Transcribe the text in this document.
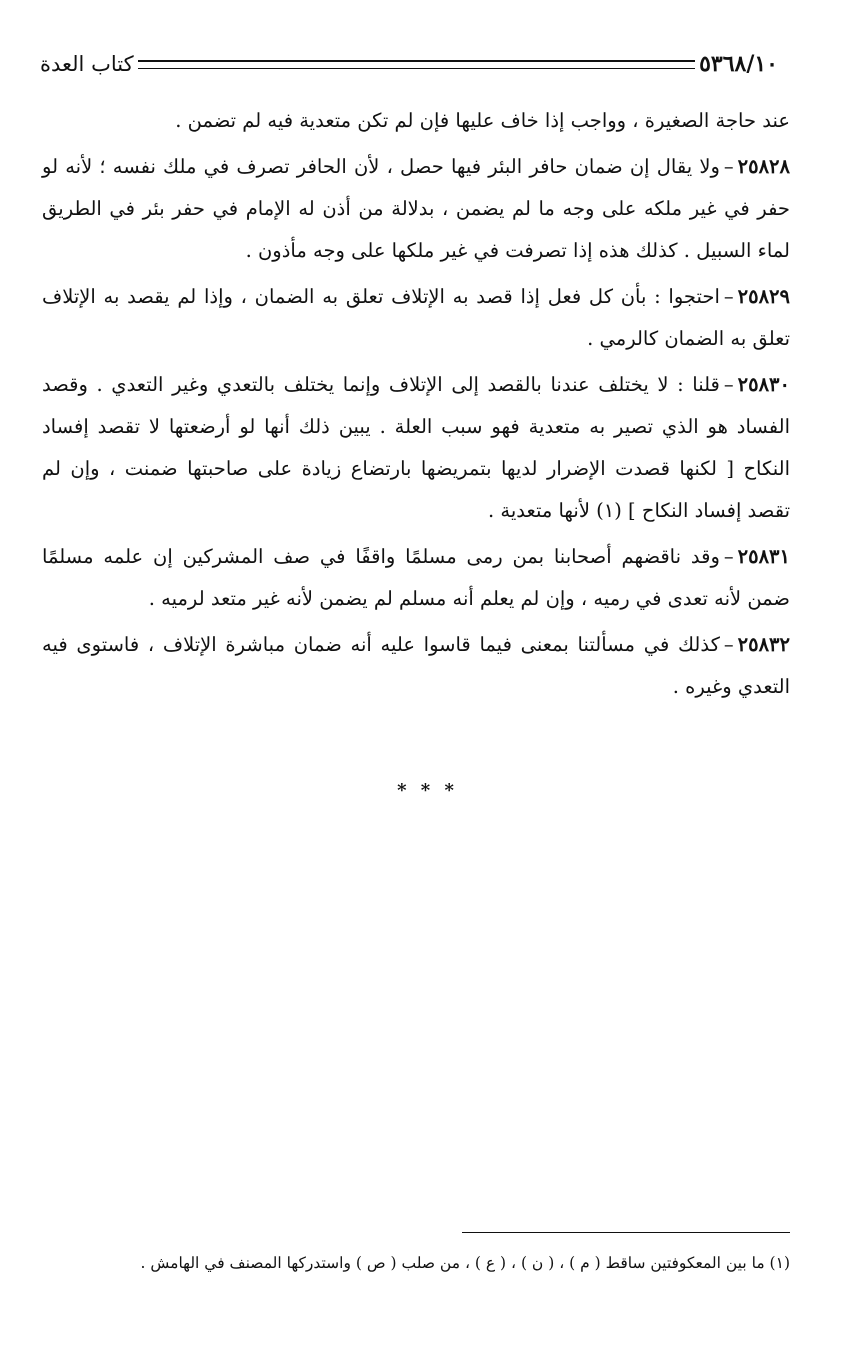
٥٣٦٨/١٠
كتاب العدة

عند حاجة الصغيرة ، وواجب إذا خاف عليها فإن لم تكن متعدية فيه لم تضمن .

٢٥٨٢٨–ولا يقال إن ضمان حافر البئر فيها حصل ، لأن الحافر تصرف في ملك نفسه ؛ لأنه لو حفر في غير ملكه على وجه ما لم يضمن ، بدلالة من أذن له الإمام في حفر بئر في الطريق لماء السبيل . كذلك هذه إذا تصرفت في غير ملكها على وجه مأذون .

٢٥٨٢٩–احتجوا : بأن كل فعل إذا قصد به الإتلاف تعلق به الضمان ، وإذا لم يقصد به الإتلاف تعلق به الضمان كالرمي .

٢٥٨٣٠–قلنا : لا يختلف عندنا بالقصد إلى الإتلاف وإنما يختلف بالتعدي وغير التعدي . وقصد الفساد هو الذي تصير به متعدية فهو سبب العلة . يبين ذلك أنها لو أرضعتها لا تقصد إفساد النكاح [ لكنها قصدت الإضرار لديها بتمريضها بارتضاع زيادة على صاحبتها ضمنت ، وإن لم تقصد إفساد النكاح ] (١) لأنها متعدية .

٢٥٨٣١–وقد ناقضهم أصحابنا بمن رمى مسلمًا واقفًا في صف المشركين إن علمه مسلمًا ضمن لأنه تعدى في رميه ، وإن لم يعلم أنه مسلم لم يضمن لأنه غير متعد لرميه .

٢٥٨٣٢–كذلك في مسألتنا بمعنى فيما قاسوا عليه أنه ضمان مباشرة الإتلاف ، فاستوى فيه التعدي وغيره .

* * *
(١) ما بين المعكوفتين ساقط ( م ) ، ( ن ) ، ( ع ) ، من صلب ( ص ) واستدركها المصنف في الهامش .
